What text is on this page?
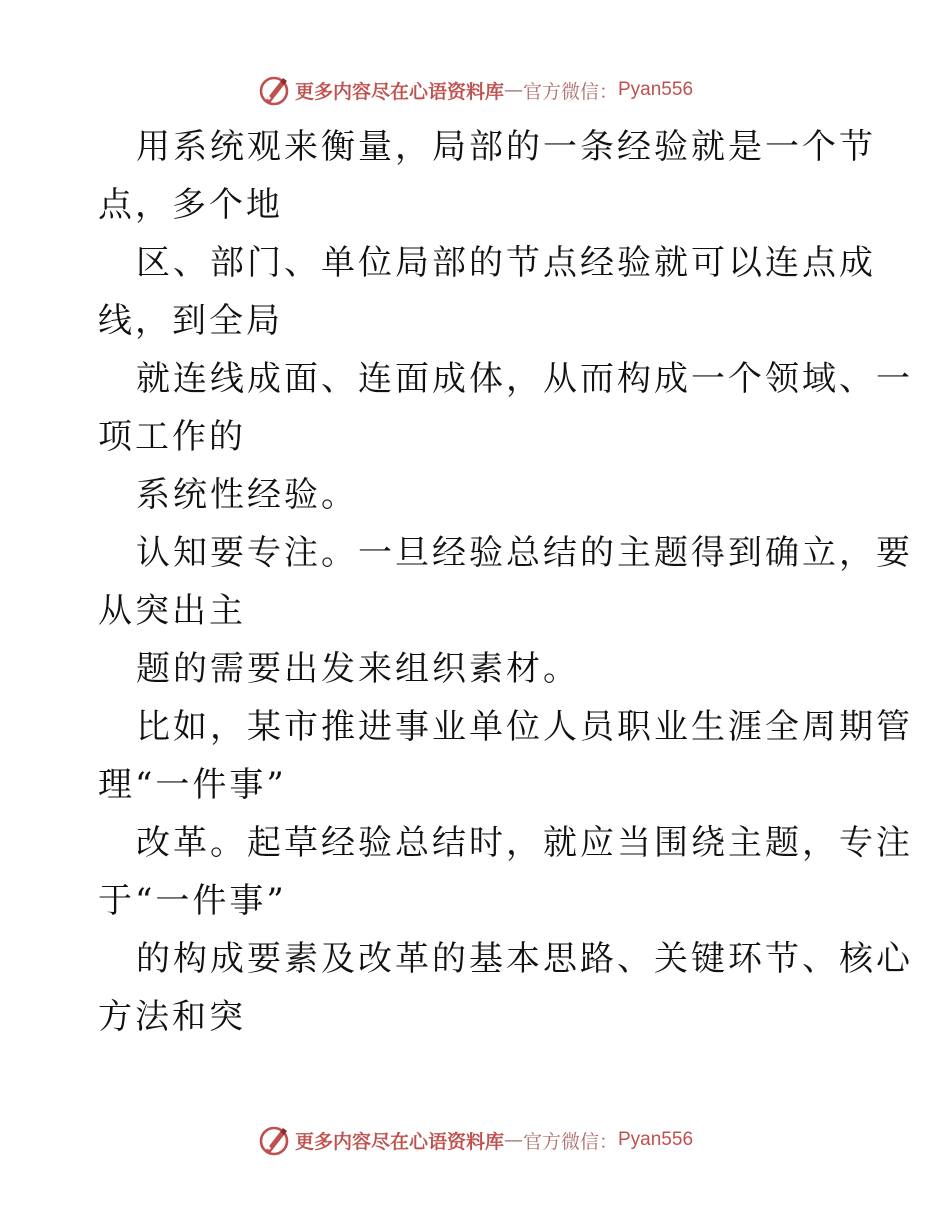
更多内容尽在心语资料库 — 官方微信： Pyan556
用系统观来衡量，局部的一条经验就是一个节
点，多个地
区、部门、单位局部的节点经验就可以连点成
线，到全局
就连线成面、连面成体，从而构成一个领域、一
项工作的
系统性经验。
认知要专注。一旦经验总结的主题得到确立，要
从突出主
题的需要出发来组织素材。
比如，某市推进事业单位人员职业生涯全周期管
理“一件事”
改革。起草经验总结时，就应当围绕主题，专注
于“一件事”
的构成要素及改革的基本思路、关键环节、核心
方法和突
更多内容尽在心语资料库 — 官方微信： Pyan556
